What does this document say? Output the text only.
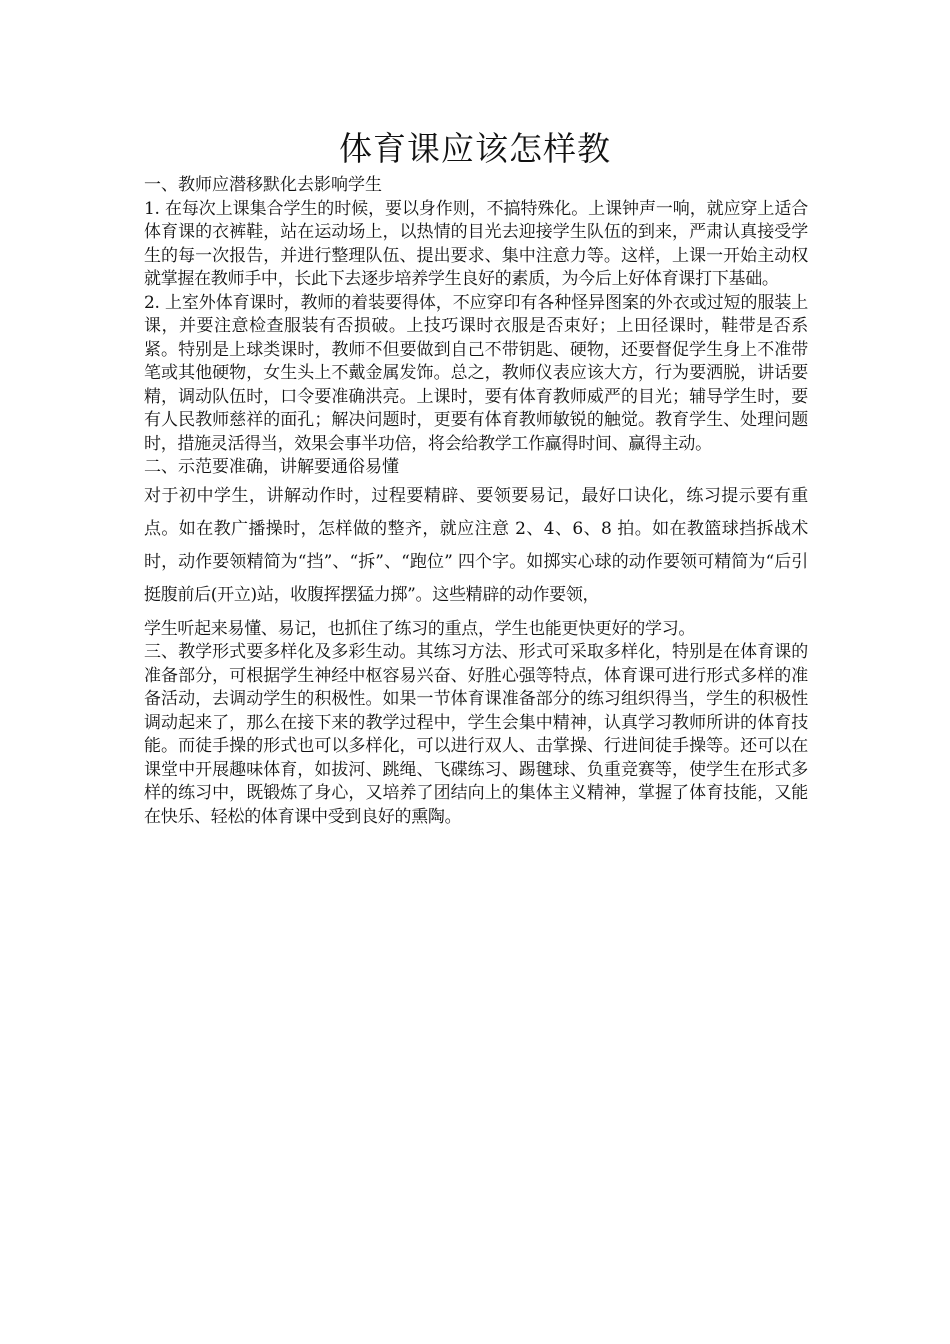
体育课应该怎样教

一、教师应潜移默化去影响学生

1. 在每次上课集合学生的时候，要以身作则，不搞特殊化。上课钟声一响，就应穿上适合体育课的衣裤鞋，站在运动场上，以热情的目光去迎接学生队伍的到来，严肃认真接受学生的每一次报告，并进行整理队伍、提出要求、集中注意力等。这样，上课一开始主动权就掌握在教师手中，长此下去逐步培养学生良好的素质，为今后上好体育课打下基础。

2. 上室外体育课时，教师的着装要得体，不应穿印有各种怪异图案的外衣或过短的服装上课，并要注意检查服装有否损破。上技巧课时衣服是否束好；上田径课时，鞋带是否系紧。特别是上球类课时，教师不但要做到自己不带钥匙、硬物，还要督促学生身上不准带笔或其他硬物，女生头上不戴金属发饰。总之，教师仪表应该大方，行为要洒脱，讲话要精，调动队伍时，口令要准确洪亮。上课时，要有体育教师威严的目光；辅导学生时，要有人民教师慈祥的面孔；解决问题时，更要有体育教师敏锐的触觉。教育学生、处理问题时，措施灵活得当，效果会事半功倍，将会给教学工作赢得时间、赢得主动。

二、示范要准确，讲解要通俗易懂

对于初中学生，讲解动作时，过程要精辟、要领要易记，最好口诀化，练习提示要有重点。如在教广播操时，怎样做的整齐，就应注意 2、4、6、8 拍。如在教篮球挡拆战术时，动作要领精简为“挡”、“拆”、“跑位” 四个字。如掷实心球的动作要领可精简为“后引挺腹前后(开立)站，收腹挥摆猛力掷”。这些精辟的动作要领，

学生听起来易懂、易记，也抓住了练习的重点，学生也能更快更好的学习。

三、教学形式要多样化及多彩生动。其练习方法、形式可采取多样化，特别是在体育课的准备部分，可根据学生神经中枢容易兴奋、好胜心强等特点，体育课可进行形式多样的准备活动，去调动学生的积极性。如果一节体育课准备部分的练习组织得当，学生的积极性调动起来了，那么在接下来的教学过程中，学生会集中精神，认真学习教师所讲的体育技能。而徒手操的形式也可以多样化，可以进行双人、击掌操、行进间徒手操等。还可以在课堂中开展趣味体育，如拔河、跳绳、飞碟练习、踢毽球、负重竞赛等，使学生在形式多样的练习中，既锻炼了身心，又培养了团结向上的集体主义精神，掌握了体育技能，又能在快乐、轻松的体育课中受到良好的熏陶。
